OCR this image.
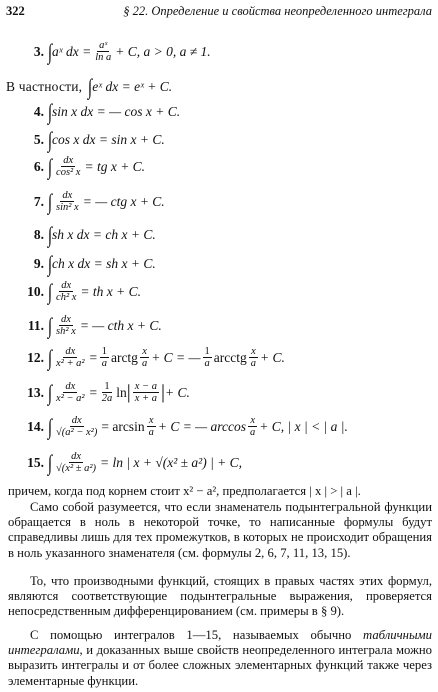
322	§ 22. Определение и свойства неопределенного интеграла
3. ∫ aˣ dx = $\frac{\text{aˣ}}{\text{ln a}} + C$, a > 0, a ≠ 1.
В частности, ∫ eˣ dx = eˣ + C.
4. ∫ sin x dx = — cos x + C.
5. ∫ cos x dx = sin x + C.
6. ∫ $\frac{dx}{\text{cos² x}}$ = tg x + C.
7. ∫ $\frac{dx}{\text{sin² x}}$ = — ctg x + C.
8. ∫ sh x dx = ch x + C.
9. ∫ ch x dx = sh x + C.
10. ∫ $\frac{dx}{\text{ch² x}}$ = th x + C.
11. ∫ $\frac{dx}{\text{sh² x}}$ = — cth x + C.
12. ∫ $\frac{dx}{\text{x² + a²}} = \frac{1}{a}$ arctg $\frac{x}{a} + C$ = — $\frac{1}{a}$ arcctg $\frac{x}{a} + C$.
13. ∫ $\frac{dx}{\text{x² − a²}} = \frac{1}{2a}$ ln | $\frac{x - a}{x + a}$ | + C.
14. ∫ $\frac{dx}{\text{√(a² − x²)}} = \arcsin \frac{x}{a} + C$ = — $\arccos \frac{x}{a} + C$, | x | < | a |.
15. ∫ $\frac{dx}{\text{√(x² ± a²)}} = \ln$ | x + √(x² ± a²) | + C,
причем, когда под корнем стоит x² − a², предполагается | x | > | a |.
Само собой разумеется, что если знаменатель подынтегральной функции обращается в ноль в некоторой точке, то написанные формулы будут справедливы лишь для тех промежутков, в которых не происходит обращения в ноль указанного знаменателя (см. формулы 2, 6, 7, 11, 13, 15).
То, что производными функций, стоящих в правых частях этих формул, являются соответствующие подынтегральные выражения, проверяется непосредственным дифференцированием (см. примеры в § 9).
С помощью интегралов 1—15, называемых обычно табличными интегралами, и доказанных выше свойств неопределенного интеграла можно выразить интегралы и от более сложных элементарных функций также через элементарные функции.
